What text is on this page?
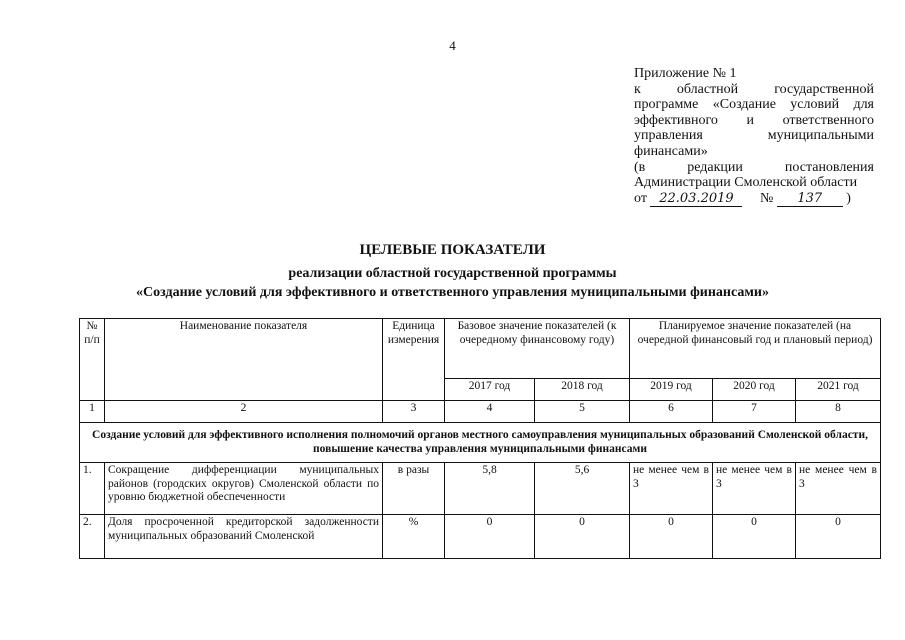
4
Приложение № 1
к областной государственной
программе «Создание условий для
эффективного и ответственного
управления муниципальными
финансами»
(в редакции постановления
Администрации Смоленской области
от 22.03.2019 № 137 )
ЦЕЛЕВЫЕ ПОКАЗАТЕЛИ
реализации областной государственной программы
«Создание условий для эффективного и ответственного управления муниципальными финансами»
№ п/п	Наименование показателя	Единица измерения	Базовое значение показателей (к очередному финансовому году)		Планируемое значение показателей (на очередной финансовый год и плановый период)		
			2017 год	2018 год	2019 год	2020 год	2021 год
1	2	3	4	5	6	7	8
Создание условий для эффективного исполнения полномочий органов местного самоуправления муниципальных образований Смоленской области, повышение качества управления муниципальными финансами							
1.	Сокращение дифференциации муниципальных районов (городских округов) Смоленской области по уровню бюджетной обеспеченности	в разы	5,8	5,6	не менее чем в 3	не менее чем в 3	не менее чем в 3
2.	Доля просроченной кредиторской задолженности муниципальных образований Смоленской	%	0	0	0	0	0
